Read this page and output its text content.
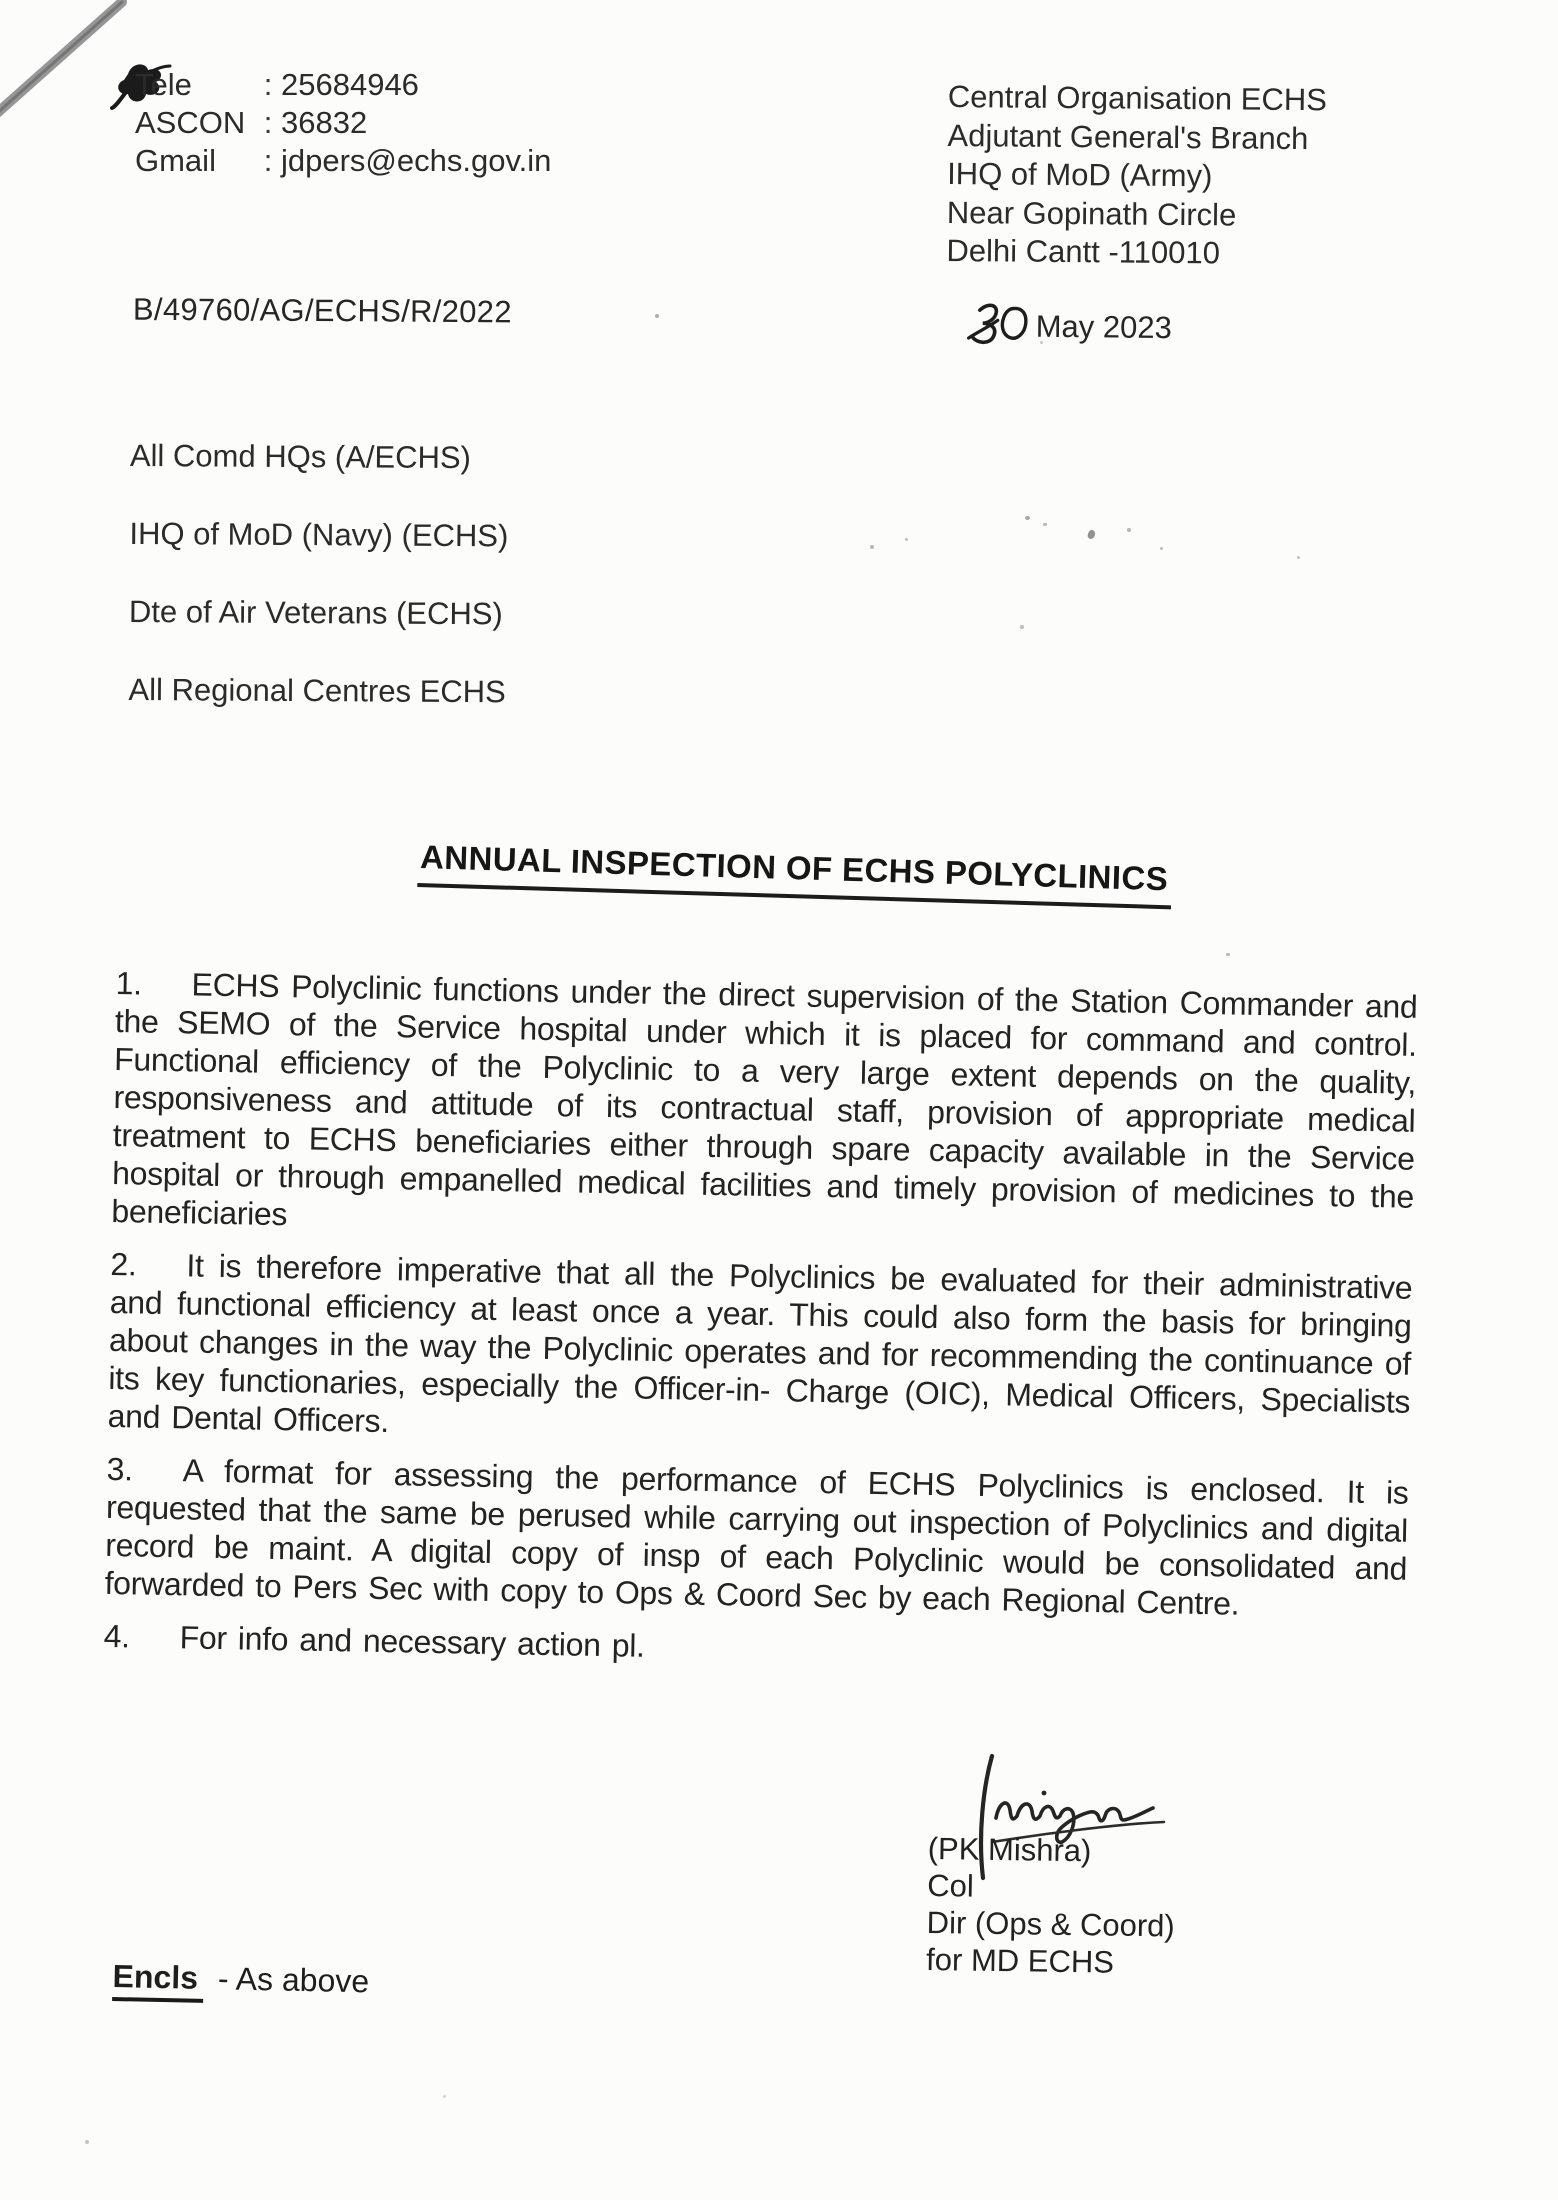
Tele	: 25684946
ASCON : 36832
Gmail	: jdpers@echs.gov.in
Central Organisation ECHS
Adjutant General's Branch
IHQ of MoD (Army)
Near Gopinath Circle
Delhi Cantt -110010
B/49760/AG/ECHS/R/2022	May 2023
All Comd HQs (A/ECHS)
IHQ of MoD (Navy) (ECHS)
Dte of Air Veterans (ECHS)
All Regional Centres ECHS
ANNUAL INSPECTION OF ECHS POLYCLINICS

1. ECHS Polyclinic functions under the direct supervision of the Station Commander and the SEMO of the Service hospital under which it is placed for command and control. Functional efficiency of the Polyclinic to a very large extent depends on the quality, responsiveness and attitude of its contractual staff, provision of appropriate medical treatment to ECHS beneficiaries either through spare capacity available in the Service hospital or through empanelled medical facilities and timely provision of medicines to the beneficiaries

2. It is therefore imperative that all the Polyclinics be evaluated for their administrative and functional efficiency at least once a year. This could also form the basis for bringing about changes in the way the Polyclinic operates and for recommending the continuance of its key functionaries, especially the Officer-in- Charge (OIC), Medical Officers, Specialists and Dental Officers.

3. A format for assessing the performance of ECHS Polyclinics is enclosed. It is requested that the same be perused while carrying out inspection of Polyclinics and digital record be maint. A digital copy of insp of each Polyclinic would be consolidated and forwarded to Pers Sec with copy to Ops & Coord Sec by each Regional Centre.

4. For info and necessary action pl.

(PK Mishra)
Col
Dir (Ops & Coord)
for MD ECHS
Encls - As above
